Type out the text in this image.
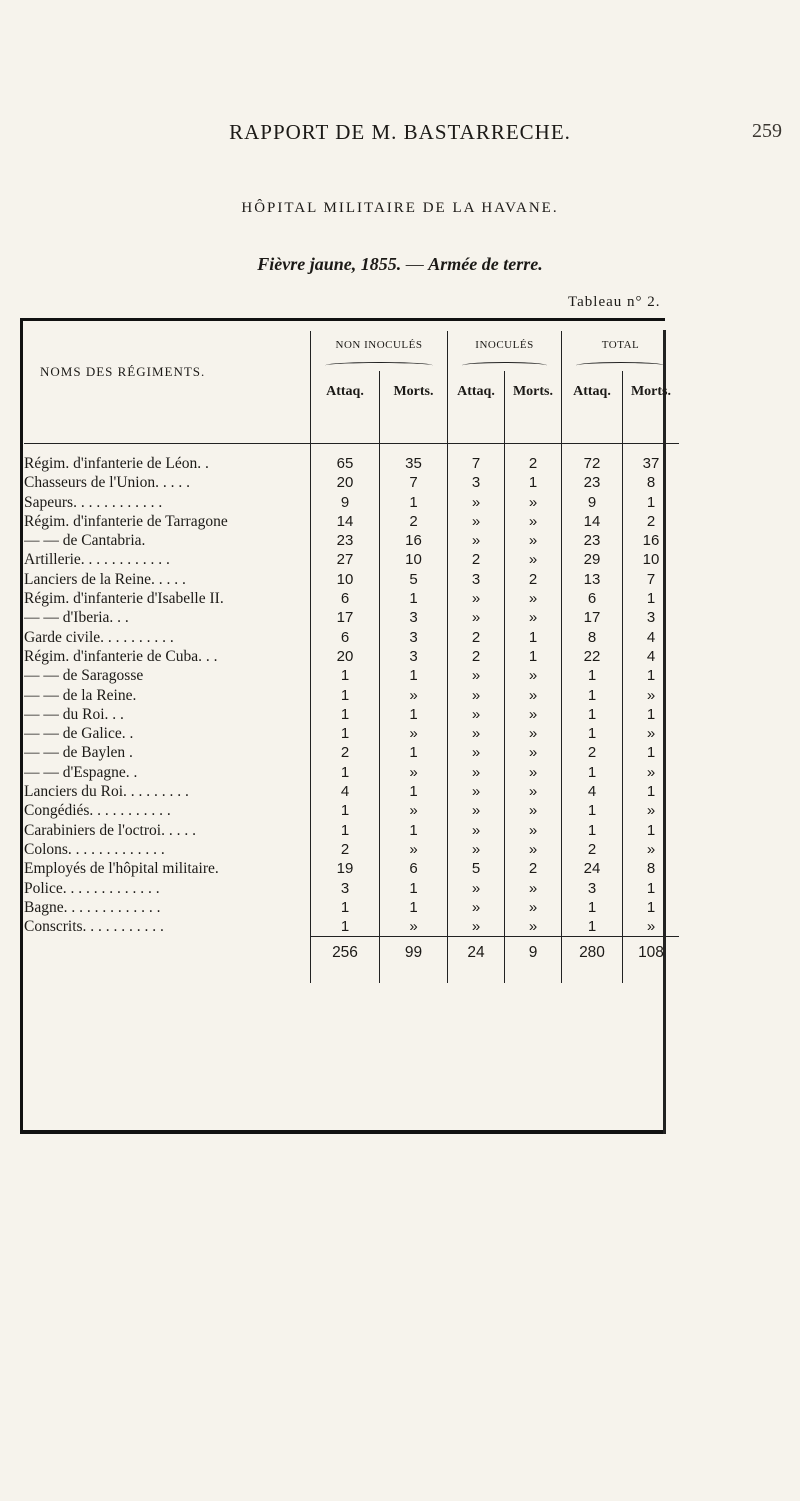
RAPPORT DE M. BASTARRECHE.	259
HÔPITAL MILITAIRE DE LA HAVANE.
Fièvre jaune, 1855. — Armée de terre.
Tableau n° 2.
NOMS DES RÉGIMENTS.	NON INOCULÉS		INOCULÉS		TOTAL	

	Attaq.	Morts.	Attaq.	Morts.	Attaq.	Morts.

Régim. d'infanterie de Léon. .	65	35	7	2	72	37
Chasseurs de l'Union. . . . .	20	7	3	1	23	8
Sapeurs. . . . . . . . . . . .	9	1	»	»	9	1
Régim. d'infanterie de Tarragone	14	2	»	»	14	2
— — de Cantabria.	23	16	»	»	23	16
Artillerie. . . . . . . . . . . .	27	10	2	»	29	10
Lanciers de la Reine. . . . .	10	5	3	2	13	7
Régim. d'infanterie d'Isabelle II.	6	1	»	»	6	1
— — d'Iberia. . .	17	3	»	»	17	3
Garde civile. . . . . . . . . .	6	3	2	1	8	4
Régim. d'infanterie de Cuba. . .	20	3	2	1	22	4
— — de Saragosse	1	1	»	»	1	1
— — de la Reine.	1	»	»	»	1	»
— — du Roi. . .	1	1	»	»	1	1
— — de Galice. .	1	»	»	»	1	»
— — de Baylen .	2	1	»	»	2	1
— — d'Espagne. .	1	»	»	»	1	»
Lanciers du Roi. . . . . . . . .	4	1	»	»	4	1
Congédiés. . . . . . . . . . .	1	»	»	»	1	»
Carabiniers de l'octroi. . . . .	1	1	»	»	1	1
Colons. . . . . . . . . . . . .	2	»	»	»	2	»
Employés de l'hôpital militaire.	19	6	5	2	24	8
Police. . . . . . . . . . . . .	3	1	»	»	3	1
Bagne. . . . . . . . . . . . .	1	1	»	»	1	1
Conscrits. . . . . . . . . . .	1	»	»	»	1	»
	256	99	24	9	280	108
